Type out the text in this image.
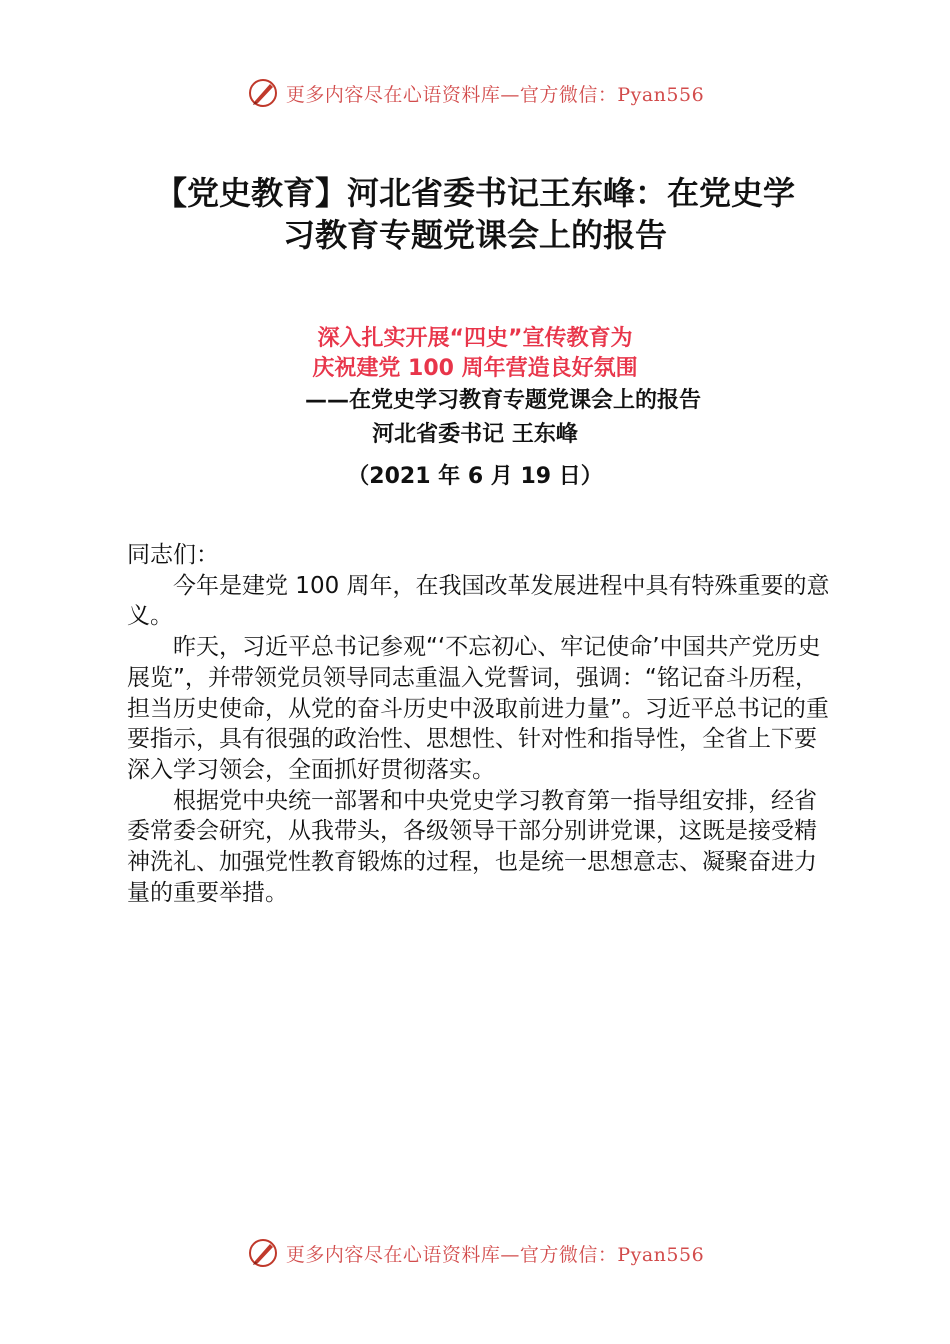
更多内容尽在心语资料库—官方微信：Pyan556
【党史教育】河北省委书记王东峰：在党史学
习教育专题党课会上的报告

深入扎实开展“四史”宣传教育为

庆祝建党 100 周年营造良好氛围

——在党史学习教育专题党课会上的报告

河北省委书记 王东峰

（2021 年 6 月 19 日）

同志们：

今年是建党 100 周年，在我国改革发展进程中具有特殊重要的意义。

昨天，习近平总书记参观“‘不忘初心、牢记使命’中国共产党历史展览”，并带领党员领导同志重温入党誓词，强调：“铭记奋斗历程，担当历史使命，从党的奋斗历史中汲取前进力量”。习近平总书记的重要指示，具有很强的政治性、思想性、针对性和指导性，全省上下要深入学习领会，全面抓好贯彻落实。

根据党中央统一部署和中央党史学习教育第一指导组安排，经省委常委会研究，从我带头，各级领导干部分别讲党课，这既是接受精神洗礼、加强党性教育锻炼的过程，也是统一思想意志、凝聚奋进力量的重要举措。

更多内容尽在心语资料库—官方微信：Pyan556
